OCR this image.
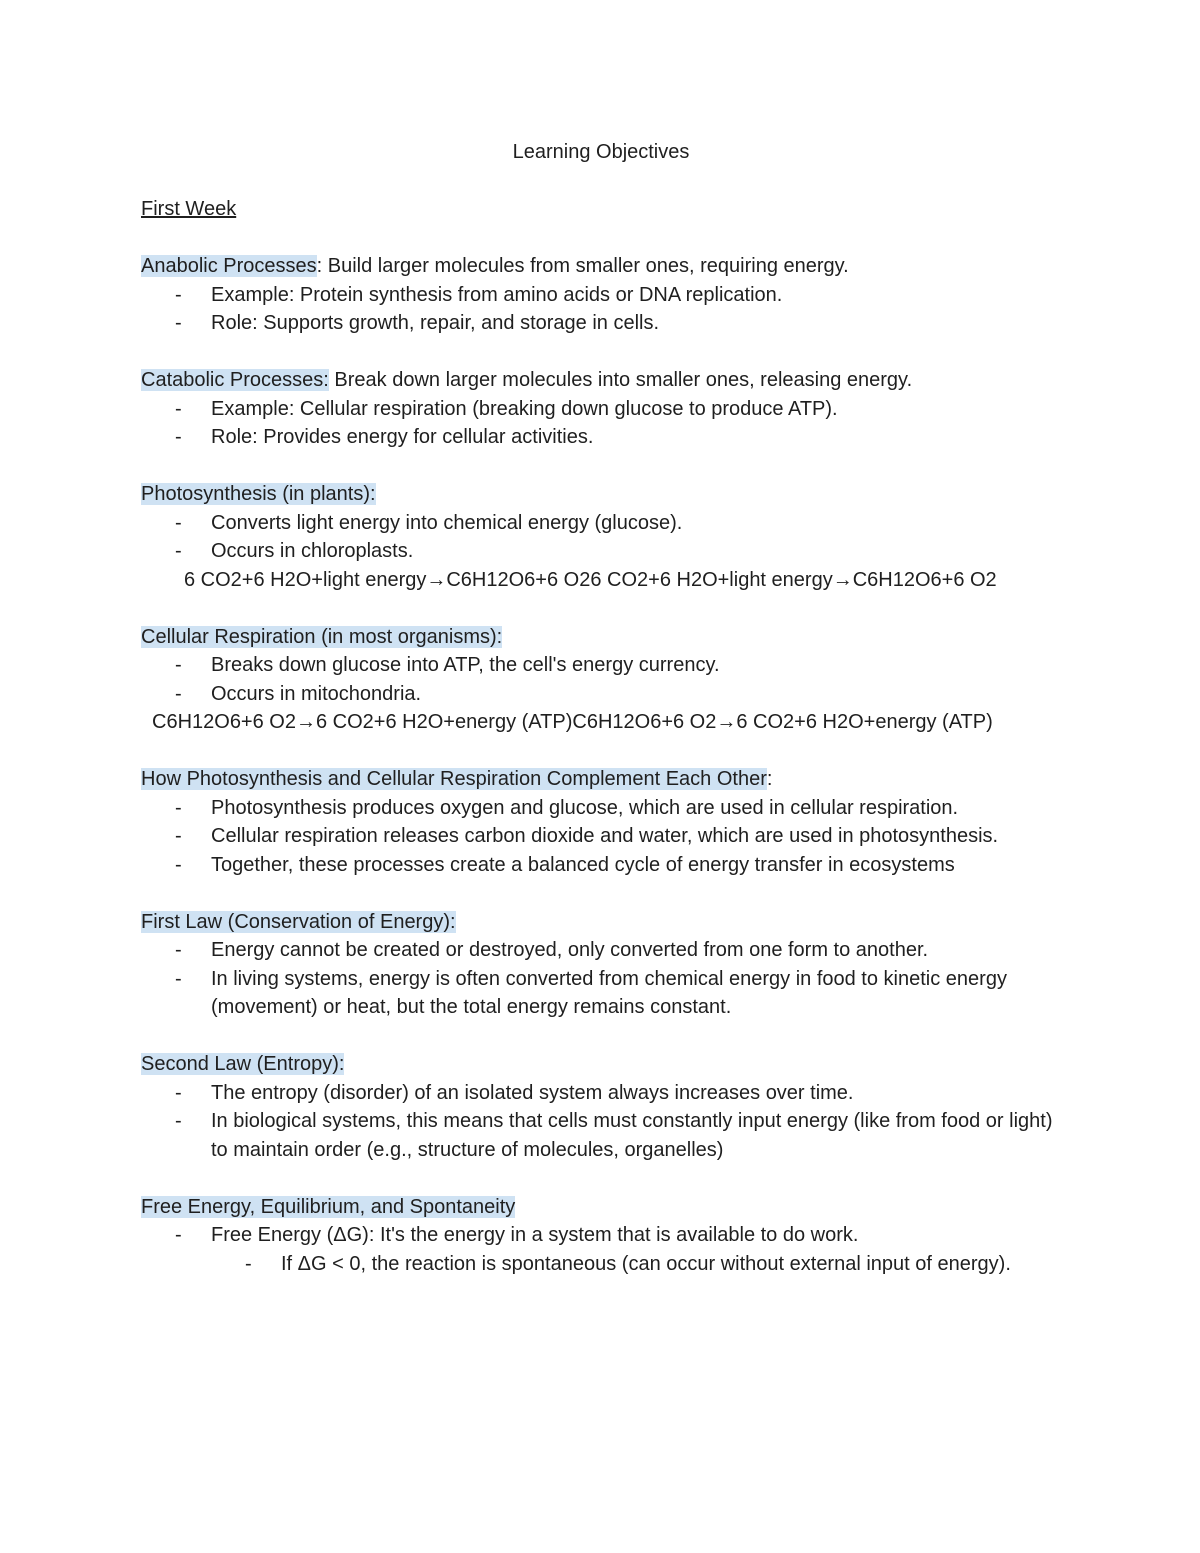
Learning Objectives

First Week

Anabolic Processes: Build larger molecules from smaller ones, requiring energy.

- Example: Protein synthesis from amino acids or DNA replication.
- Role: Supports growth, repair, and storage in cells.

Catabolic Processes: Break down larger molecules into smaller ones, releasing energy.

- Example: Cellular respiration (breaking down glucose to produce ATP).
- Role: Provides energy for cellular activities.

Photosynthesis (in plants):

- Converts light energy into chemical energy (glucose).
- Occurs in chloroplasts.

6 CO2+6 H2O+light energy→C6H12O6+6 O26 CO2+6 H2O+light energy→C6H12O6+6 O2

Cellular Respiration (in most organisms):

- Breaks down glucose into ATP, the cell's energy currency.
- Occurs in mitochondria.

C6H12O6+6 O2→6 CO2+6 H2O+energy (ATP)C6H12O6+6 O2→6 CO2+6 H2O+energy (ATP)

How Photosynthesis and Cellular Respiration Complement Each Other:

- Photosynthesis produces oxygen and glucose, which are used in cellular respiration.
- Cellular respiration releases carbon dioxide and water, which are used in photosynthesis.
- Together, these processes create a balanced cycle of energy transfer in ecosystems

First Law (Conservation of Energy):

- Energy cannot be created or destroyed, only converted from one form to another.
- In living systems, energy is often converted from chemical energy in food to kinetic energy (movement) or heat, but the total energy remains constant.

Second Law (Entropy):

- The entropy (disorder) of an isolated system always increases over time.
- In biological systems, this means that cells must constantly input energy (like from food or light) to maintain order (e.g., structure of molecules, organelles)

Free Energy, Equilibrium, and Spontaneity

- Free Energy (ΔG): It's the energy in a system that is available to do work.
- If ΔG < 0, the reaction is spontaneous (can occur without external input of energy).
